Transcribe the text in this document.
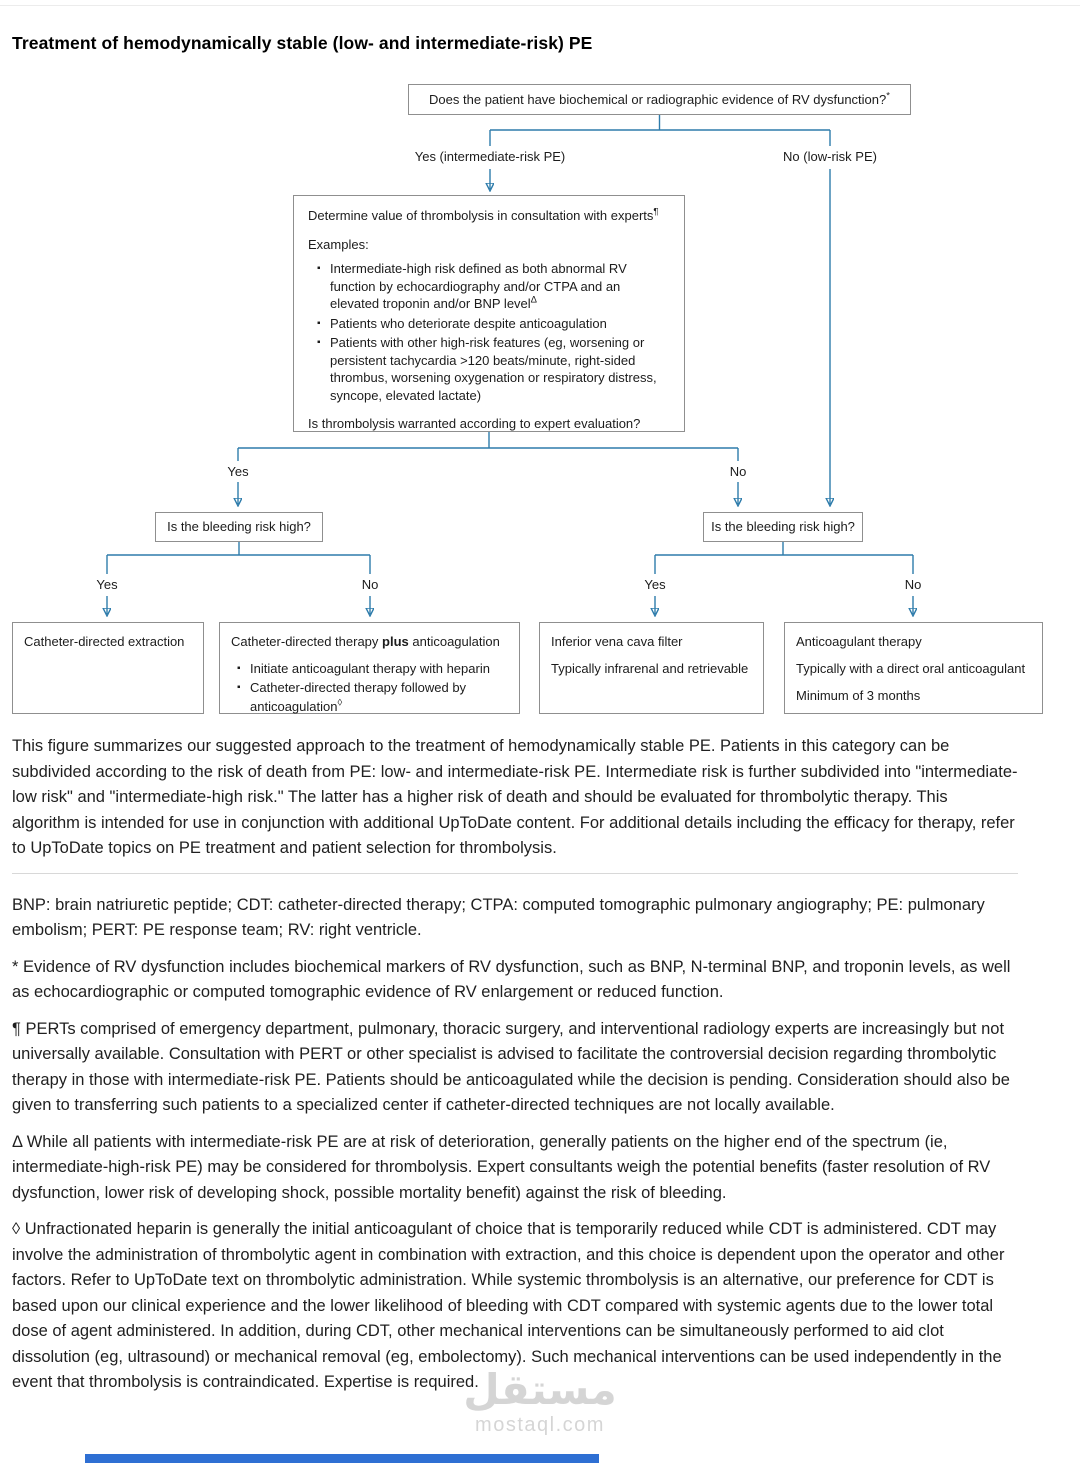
Treatment of hemodynamically stable (low- and intermediate-risk) PE
Does the patient have biochemical or radiographic evidence of RV dysfunction?*
Yes (intermediate-risk PE)	No (low-risk PE)
Determine value of thrombolysis in consultation with experts¶
Examples:
▪ Intermediate-high risk defined as both abnormal RV function by echocardiography and/or CTPA and an elevated troponin and/or BNP level$^\Delta$
▪ Patients who deteriorate despite anticoagulation
▪ Patients with other high-risk features (eg, worsening or persistent tachycardia >120 beats/minute, right-sided thrombus, worsening oxygenation or respiratory distress, syncope, elevated lactate)
Is thrombolysis warranted according to expert evaluation?
Yes	No
Is the bleeding risk high?	Is the bleeding risk high?
Yes	No	Yes	No
Catheter-directed extraction	Catheter-directed therapy plus anticoagulation
▪ Initiate anticoagulant therapy with heparin
▪ Catheter-directed therapy followed by anticoagulation◊
Inferior vena cava filter
Typically infrarenal and retrievable
Anticoagulant therapy
Typically with a direct oral anticoagulant
Minimum of 3 months

This figure summarizes our suggested approach to the treatment of hemodynamically stable PE. Patients in this category can be subdivided according to the risk of death from PE: low- and intermediate-risk PE. Intermediate risk is further subdivided into "intermediate-low risk" and "intermediate-high risk." The latter has a higher risk of death and should be evaluated for thrombolytic therapy. This algorithm is intended for use in conjunction with additional UpToDate content. For additional details including the efficacy for therapy, refer to UpToDate topics on PE treatment and patient selection for thrombolysis.

BNP: brain natriuretic peptide; CDT: catheter-directed therapy; CTPA: computed tomographic pulmonary angiography; PE: pulmonary embolism; PERT: PE response team; RV: right ventricle.

* Evidence of RV dysfunction includes biochemical markers of RV dysfunction, such as BNP, N-terminal BNP, and troponin levels, as well as echocardiographic or computed tomographic evidence of RV enlargement or reduced function.

¶ PERTs comprised of emergency department, pulmonary, thoracic surgery, and interventional radiology experts are increasingly but not universally available. Consultation with PERT or other specialist is advised to facilitate the controversial decision regarding thrombolytic therapy in those with intermediate-risk PE. Patients should be anticoagulated while the decision is pending. Consideration should also be given to transferring such patients to a specialized center if catheter-directed techniques are not locally available.

Δ While all patients with intermediate-risk PE are at risk of deterioration, generally patients on the higher end of the spectrum (ie, intermediate-high-risk PE) may be considered for thrombolysis. Expert consultants weigh the potential benefits (faster resolution of RV dysfunction, lower risk of developing shock, possible mortality benefit) against the risk of bleeding.

◊ Unfractionated heparin is generally the initial anticoagulant of choice that is temporarily reduced while CDT is administered. CDT may involve the administration of thrombolytic agent in combination with extraction, and this choice is dependent upon the operator and other factors. Refer to UpToDate text on thrombolytic administration. While systemic thrombolysis is an alternative, our preference for CDT is based upon our clinical experience and the lower likelihood of bleeding with CDT compared with systemic agents due to the lower total dose of agent administered. In addition, during CDT, other mechanical interventions can be simultaneously performed to aid clot dissolution (eg, ultrasound) or mechanical removal (eg, embolectomy). Such mechanical interventions can be used independently in the event that thrombolysis is contraindicated. Expertise is required.

مستقل
mostaql.com
